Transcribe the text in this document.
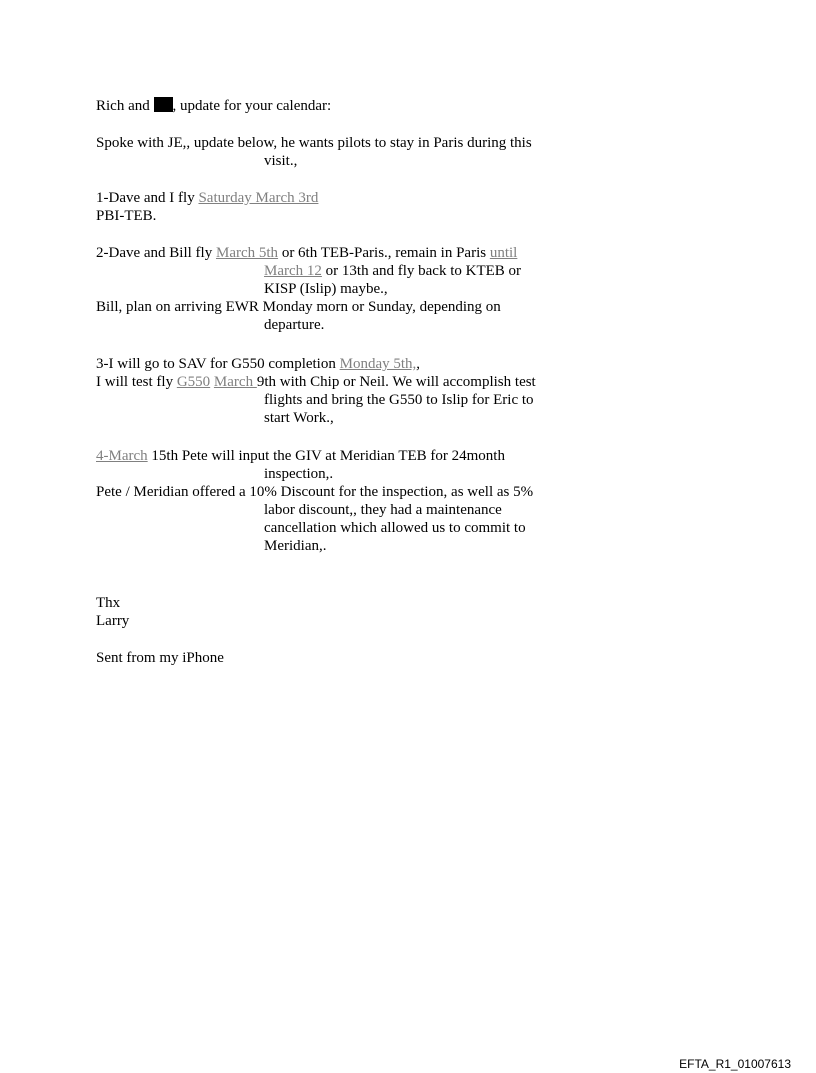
Rich and , update for your calendar:

Spoke with JE,, update below, he wants pilots to stay in Paris during this visit.,

1-Dave and I fly Saturday March 3rd

PBI-TEB.

2-Dave and Bill fly March 5th or 6th TEB-Paris., remain in Paris until March 12 or 13th and fly back to KTEB or KISP (Islip) maybe.,

Bill, plan on arriving EWR Monday morn or Sunday, depending on departure.

3-I will go to SAV for G550 completion Monday 5th,,

I will test fly G550 March 9th with Chip or Neil. We will accomplish test flights and bring the G550 to Islip for Eric to start Work.,

4-March 15th Pete will input the GIV at Meridian TEB for 24month inspection,.

Pete / Meridian offered a 10% Discount for the inspection, as well as 5% labor discount,, they had a maintenance cancellation which allowed us to commit to Meridian,.

Thx

Larry

Sent from my iPhone

EFTA_R1_01007613
